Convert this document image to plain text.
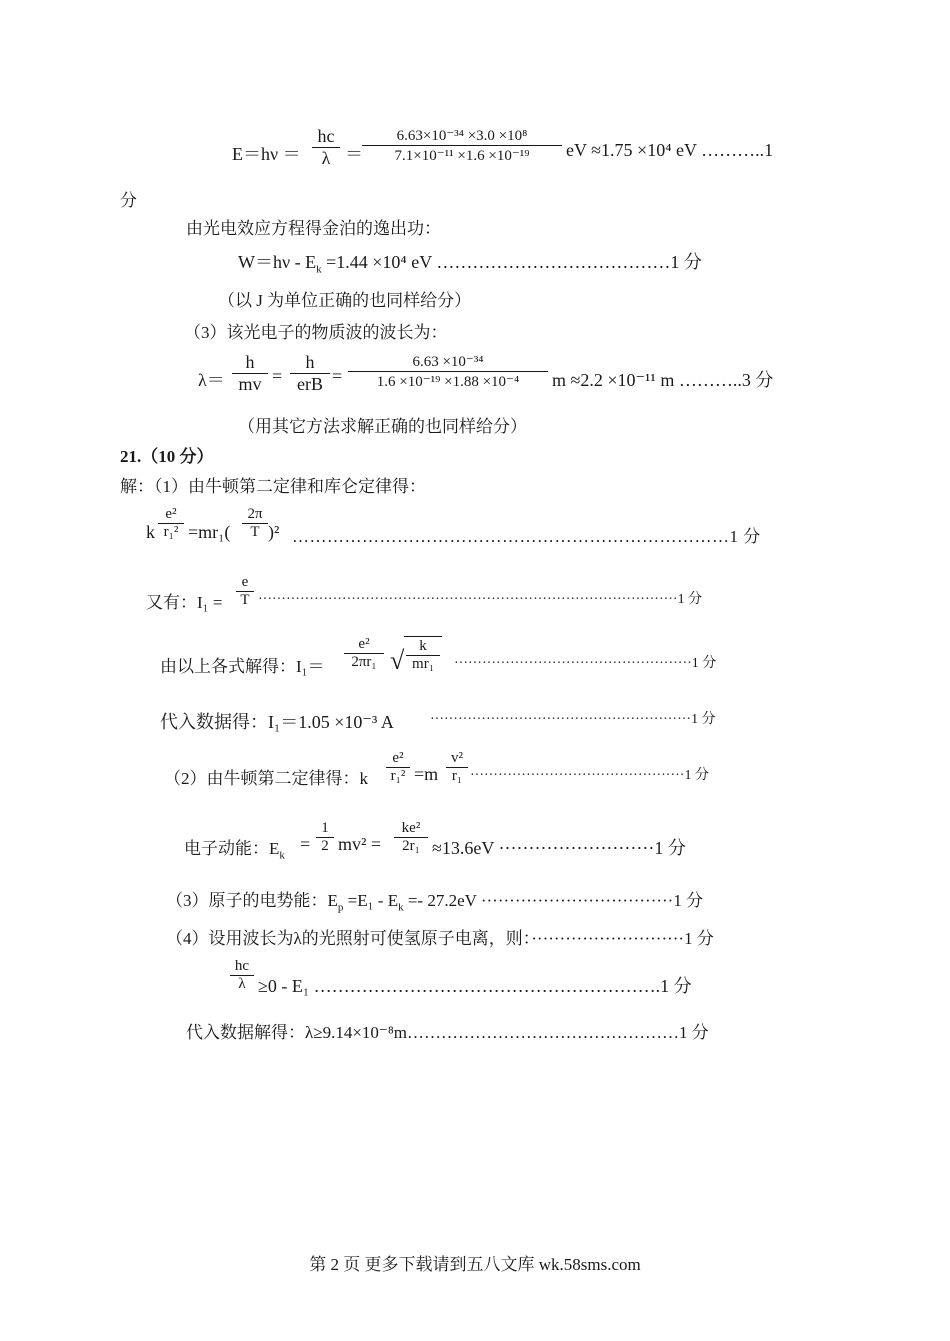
E＝hν ＝
hc
λ ＝
6.63×10⁻³⁴ ×3.0 ×10⁸
7.1×10⁻¹¹ ×1.6 ×10⁻¹⁹	eV ≈1.75 ×10⁴ eV ………..1
分
由光电效应方程得金泊的逸出功：
$W=h\nu - E_k =1.44 \times 10^4$ eV …………………………………1 分
（以 J 为单位正确的也同样给分）
（3）该光电子的物质波的波长为：
λ＝
h
mv =
h
erB =
6.63 ×10⁻³⁴
1.6 ×10⁻¹⁹ ×1.88 ×10⁻⁴	m ≈2.2 ×10⁻¹¹ m ………..3 分
（用其它方法求解正确的也同样给分）
21.（10 分）
解：（1）由牛顿第二定律和库仑定律得：
k
e²
r₁² =mr₁(
2π
T )² …………………………………………………………………1 分
又有：I₁ =
e
T ··························································································1 分
由以上各式解得：I₁＝
e²
2πr₁ √ k
mr₁	···················································1 分
代入数据得：I₁＝1.05 ×10⁻³ A	························································1 分
（2）由牛顿第二定律得：k
e²
r₁² =m
v²
r₁ ··············································1 分
电子动能：$E_k$
=
1
2 mv² =
ke²
2r₁ ≈13.6eV ··························1 分
（3）原子的电势能：$E_p =E_1 - E_k =- 27.2eV \cdot\cdot\cdot\cdot\cdot\cdot\cdot\cdot\cdot\cdot\cdot\cdot\cdot\cdot\cdot\cdot\cdot\cdot\cdot\cdot\cdot\cdot\cdot\cdot\cdot\cdot\cdot\cdot\cdot\cdot\cdot\cdot\cdot\cdot 1$ 分
（4）设用波长为λ的光照射可使氢原子电离，则：···························1 分
hc
λ ≥0 - E₁ ………………………………………………….1 分
代入数据解得：λ≥9.14×10⁻⁸m…………………………………………1 分
第 2 页 更多下载请到五八文库 wk.58sms.com
